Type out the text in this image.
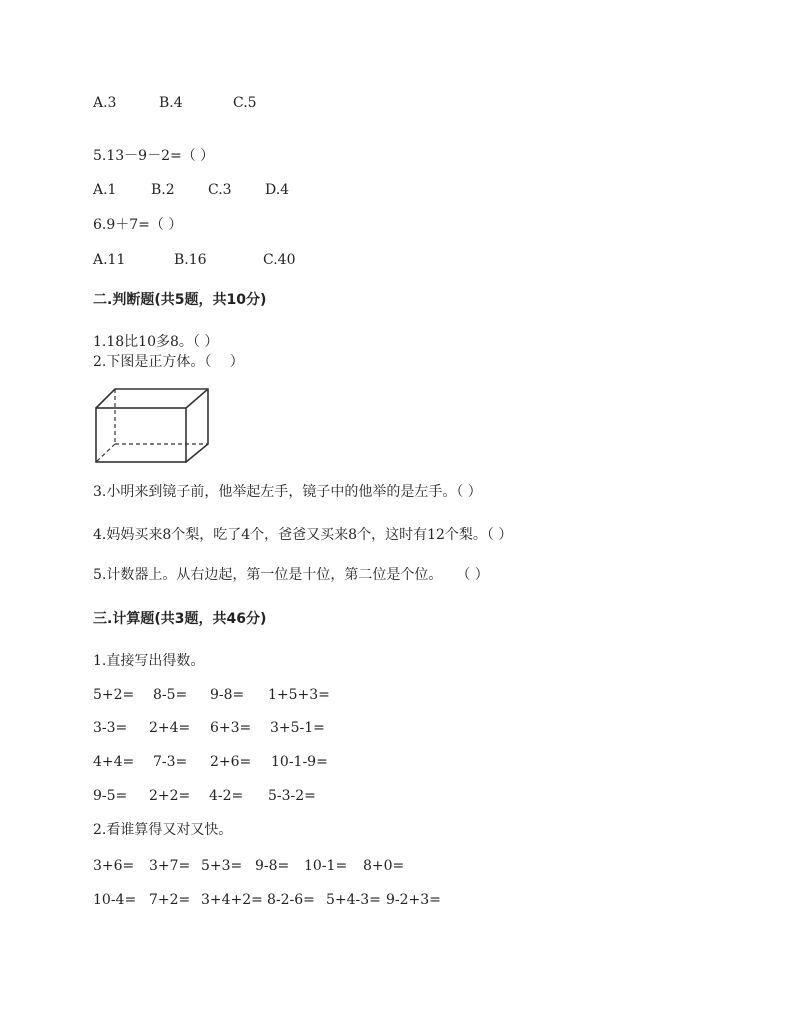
A.3	B.4	C.5
5.13－9－2=（ ）
A.1 B.2 C.3 D.4
6.9＋7=（ ）
A.11	B.16	C.40
二.判断题(共5题，共10分)
1.18比10多8。（ ）
2.下图是正方体。（　 ）
3.小明来到镜子前，他举起左手，镜子中的他举的是左手。（ ）
4.妈妈买来8个梨，吃了4个，爸爸又买来8个，这时有12个梨。（ ）
5.计数器上。从右边起，第一位是十位，第二位是个位。　　（ ）
三.计算题(共3题，共46分)
1.直接写出得数。
5+2= 8-5= 9-8= 1+5+3=
3-3= 2+4= 6+3= 3+5-1=
4+4= 7-3= 2+6= 10-1-9=
9-5= 2+2= 4-2= 5-3-2=
2.看谁算得又对又快。
3+6= 3+7= 5+3= 9-8= 10-1= 8+0=
10-4= 7+2= 3+4+2= 8-2-6= 5+4-3= 9-2+3=
